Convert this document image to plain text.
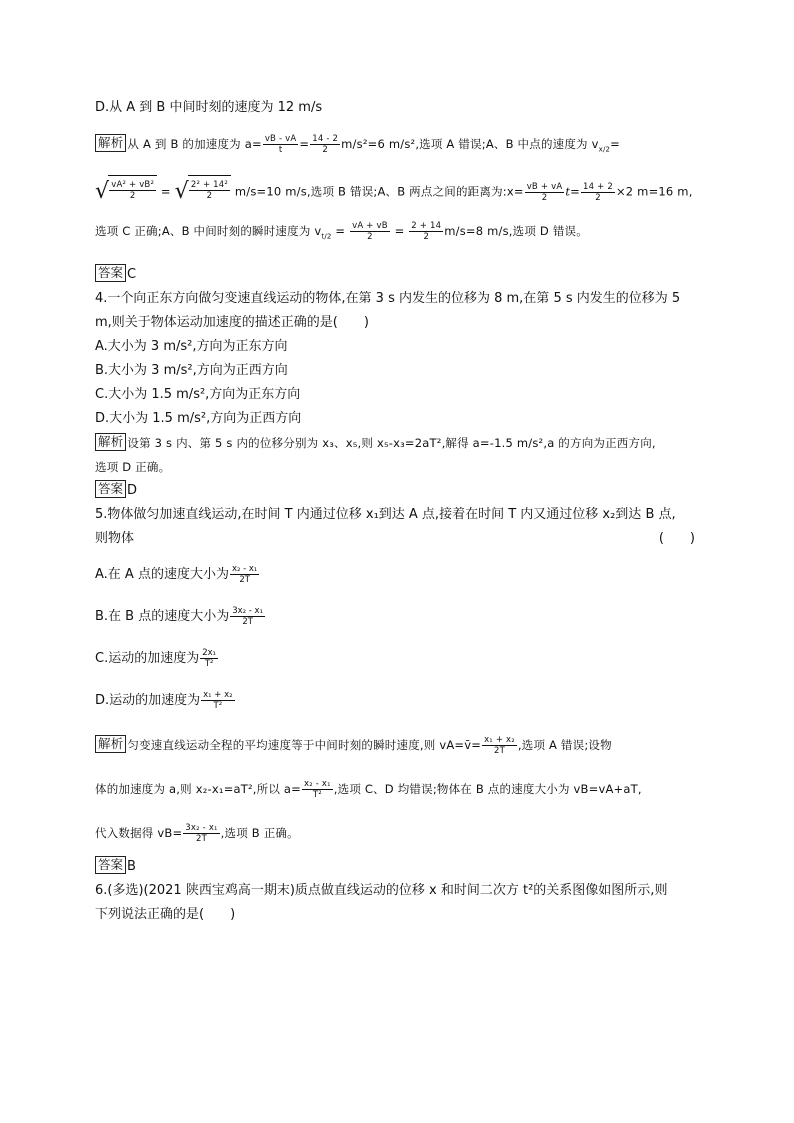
D.从 A 到 B 中间时刻的速度为 12 m/s
解析 从 A 到 B 的加速度为 $a= \frac{vB - vA}{t} = \frac{14 - 2}{2} m/s^2=6$ m/s²,选项 A 错误;A、B 中点的速度为 $v_{x/2}=$
√ $\frac{\text{vA² + vB²}}{2}$ = √ $\frac{\text{2² + 14²}}{2} m/s=10$ m/s,选项 B 错误;A、B 两点之间的距离为:x= $\frac{vB + vA}{2} t= \frac{14 + 2}{2} \times 2$ m=16 m,
选项 C 正确;A、B 中间时刻的瞬时速度为 $v_{t/2} = \frac{vA + vB}{2} = \frac{2 + 14}{2} m/s=8$ m/s,选项 D 错误。
答案 C
4.一个向正东方向做匀变速直线运动的物体,在第 3 s 内发生的位移为 8 m,在第 5 s 内发生的位移为 5
m,则关于物体运动加速度的描述正确的是(　　)
A.大小为 3 m/s²,方向为正东方向
B.大小为 3 m/s²,方向为正西方向
C.大小为 1.5 m/s²,方向为正东方向
D.大小为 1.5 m/s²,方向为正西方向
解析 设第 3 s 内、第 5 s 内的位移分别为 x₃、x₅,则 x₅-x₃=2aT²,解得 a=-1.5 m/s²,a 的方向为正西方向,
选项 D 正确。
答案 D
5.物体做匀加速直线运动,在时间 T 内通过位移 x₁到达 A 点,接着在时间 T 内又通过位移 x₂到达 B 点,
则物体	(　　)
A.在 A 点的速度大小为 $\frac{\text{x₂ - x₁}}{2T}$
B.在 B 点的速度大小为 $\frac{\text{3x₂ - x₁}}{2T}$
C.运动的加速度为 $\frac{\text{2x₁}}{\text{T²}}$
D.运动的加速度为 $\frac{\text{x₁ + x₂}}{\text{T²}}$
解析 匀变速直线运动全程的平均速度等于中间时刻的瞬时速度,则 vA=v̄= $\frac{\text{x₁ + x₂}}{2T}$ ,选项 A 错误;设物
体的加速度为 a,则 x₂-x₁=aT²,所以 $a= \frac{\text{x₂ - x₁}}{\text{T²}}$ ,选项 C、D 均错误;物体在 B 点的速度大小为 vB=vA+aT,
代入数据得 $vB= \frac{\text{3x₂ - x₁}}{2T}$ ,选项 B 正确。
答案 B
6.(多选)(2021 陕西宝鸡高一期末)质点做直线运动的位移 x 和时间二次方 t²的关系图像如图所示,则
下列说法正确的是(　　)
